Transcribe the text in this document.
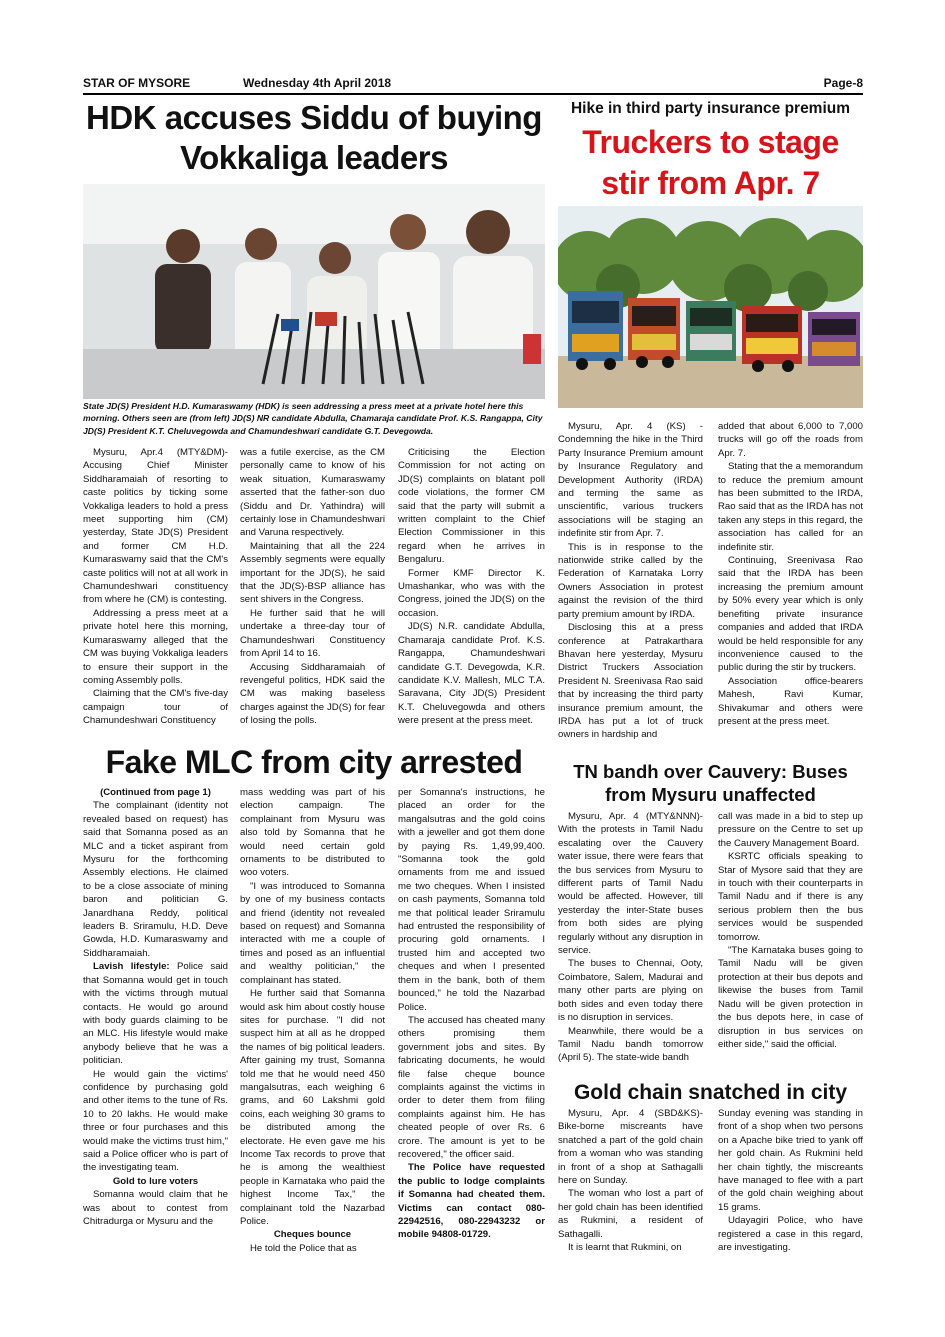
STAR OF MYSORE	Wednesday 4th April 2018	Page-8
HDK accuses Siddu of buying
Vokkaliga leaders
State JD(S) President H.D. Kumaraswamy (HDK) is seen addressing a press meet at a private hotel here this morning. Others seen are (from left) JD(S) NR candidate Abdulla, Chamaraja candidate Prof. K.S. Rangappa, City JD(S) President K.T. Cheluvegowda and Chamundeshwari candidate G.T. Devegowda.

Mysuru, Apr.4 (MTY&DM)- Accusing Chief Minister Siddharamaiah of resorting to caste politics by ticking some Vokkaliga leaders to hold a press meet supporting him (CM) yesterday, State JD(S) President and former CM H.D. Kumaraswamy said that the CM's caste politics will not at all work in Chamundeshwari constituency from where he (CM) is contesting.

Addressing a press meet at a private hotel here this morning, Kumaraswamy alleged that the CM was buying Vokkaliga leaders to ensure their support in the coming Assembly polls.

Claiming that the CM's five-day campaign tour of Chamundeshwari Constituency

was a futile exercise, as the CM personally came to know of his weak situation, Kumaraswamy asserted that the father-son duo (Siddu and Dr. Yathindra) will certainly lose in Chamundeshwari and Varuna respectively.

Maintaining that all the 224 Assembly segments were equally important for the JD(S), he said that the JD(S)-BSP alliance has sent shivers in the Congress.

He further said that he will undertake a three-day tour of Chamundeshwari Constituency from April 14 to 16.

Accusing Siddharamaiah of revengeful politics, HDK said the CM was making baseless charges against the JD(S) for fear of losing the polls.

Criticising the Election Commission for not acting on JD(S) complaints on blatant poll code violations, the former CM said that the party will submit a written complaint to the Chief Election Commissioner in this regard when he arrives in Bengaluru.

Former KMF Director K. Umashankar, who was with the Congress, joined the JD(S) on the occasion.

JD(S) N.R. candidate Abdulla, Chamaraja candidate Prof. K.S. Rangappa, Chamundeshwari candidate G.T. Devegowda, K.R. candidate K.V. Mallesh, MLC T.A. Saravana, City JD(S) President K.T. Cheluvegowda and others were present at the press meet.

Hike in third party insurance premium
Truckers to stage
stir from Apr. 7

Mysuru, Apr. 4 (KS) - Condemning the hike in the Third Party Insurance Premium amount by Insurance Regulatory and Development Authority (IRDA) and terming the same as unscientific, various truckers associations will be staging an indefinite stir from Apr. 7.

This is in response to the nationwide strike called by the Federation of Karnataka Lorry Owners Association in protest against the revision of the third party premium amount by IRDA.

Disclosing this at a press conference at Patrakarthara Bhavan here yesterday, Mysuru District Truckers Association President N. Sreenivasa Rao said that by increasing the third party insurance premium amount, the IRDA has put a lot of truck owners in hardship and

added that about 6,000 to 7,000 trucks will go off the roads from Apr. 7.

Stating that the a memorandum to reduce the premium amount has been submitted to the IRDA, Rao said that as the IRDA has not taken any steps in this regard, the association has called for an indefinite stir.

Continuing, Sreenivasa Rao said that the IRDA has been increasing the premium amount by 50% every year which is only benefiting private insurance companies and added that IRDA would be held responsible for any inconvenience caused to the public during the stir by truckers.

Association office-bearers Mahesh, Ravi Kumar, Shivakumar and others were present at the press meet.

Fake MLC from city arrested

(Continued from page 1)

The complainant (identity not revealed based on request) has said that Somanna posed as an MLC and a ticket aspirant from Mysuru for the forthcoming Assembly elections. He claimed to be a close associate of mining baron and politician G. Janardhana Reddy, political leaders B. Sriramulu, H.D. Deve Gowda, H.D. Kumaraswamy and Siddharamaiah.

Lavish lifestyle: Police said that Somanna would get in touch with the victims through mutual contacts. He would go around with body guards claiming to be an MLC. His lifestyle would make anybody believe that he was a politician.

He would gain the victims' confidence by purchasing gold and other items to the tune of Rs. 10 to 20 lakhs. He would make three or four purchases and this would make the victims trust him," said a Police officer who is part of the investigating team.

Gold to lure voters

Somanna would claim that he was about to contest from Chitradurga or Mysuru and the

mass wedding was part of his election campaign. The complainant from Mysuru was also told by Somanna that he would need certain gold ornaments to be distributed to woo voters.

"I was introduced to Somanna by one of my business contacts and friend (identity not revealed based on request) and Somanna interacted with me a couple of times and posed as an influential and wealthy politician," the complainant has stated.

He further said that Somanna would ask him about costly house sites for purchase. "I did not suspect him at all as he dropped the names of big political leaders. After gaining my trust, Somanna told me that he would need 450 mangalsutras, each weighing 6 grams, and 60 Lakshmi gold coins, each weighing 30 grams to be distributed among the electorate. He even gave me his Income Tax records to prove that he is among the wealthiest people in Karnataka who paid the highest Income Tax," the complainant told the Nazarbad Police.

Cheques bounce

He told the Police that as

per Somanna's instructions, he placed an order for the mangalsutras and the gold coins with a jeweller and got them done by paying Rs. 1,49,99,400. "Somanna took the gold ornaments from me and issued me two cheques. When I insisted on cash payments, Somanna told me that political leader Sriramulu had entrusted the responsibility of procuring gold ornaments. I trusted him and accepted two cheques and when I presented them in the bank, both of them bounced," he told the Nazarbad Police.

The accused has cheated many others promising them government jobs and sites. By fabricating documents, he would file false cheque bounce complaints against the victims in order to deter them from filing complaints against him. He has cheated people of over Rs. 6 crore. The amount is yet to be recovered," the officer said.

The Police have requested the public to lodge complaints if Somanna had cheated them. Victims can contact 080-22942516, 080-22943232 or mobile 94808-01729.

TN bandh over Cauvery: Buses
from Mysuru unaffected

Mysuru, Apr. 4 (MTY&NNN)- With the protests in Tamil Nadu escalating over the Cauvery water issue, there were fears that the bus services from Mysuru to different parts of Tamil Nadu would be affected. However, till yesterday the inter-State buses from both sides are plying regularly without any disruption in service.

The buses to Chennai, Ooty, Coimbatore, Salem, Madurai and many other parts are plying on both sides and even today there is no disruption in services.

Meanwhile, there would be a Tamil Nadu bandh tomorrow (April 5). The state-wide bandh

call was made in a bid to step up pressure on the Centre to set up the Cauvery Management Board.

KSRTC officials speaking to Star of Mysore said that they are in touch with their counterparts in Tamil Nadu and if there is any serious problem then the bus services would be suspended tomorrow.

"The Karnataka buses going to Tamil Nadu will be given protection at their bus depots and likewise the buses from Tamil Nadu will be given protection in the bus depots here, in case of disruption in bus services on either side," said the official.

Gold chain snatched in city

Mysuru, Apr. 4 (SBD&KS)- Bike-borne miscreants have snatched a part of the gold chain from a woman who was standing in front of a shop at Sathagalli here on Sunday.

The woman who lost a part of her gold chain has been identified as Rukmini, a resident of Sathagalli.

It is learnt that Rukmini, on

Sunday evening was standing in front of a shop when two persons on a Apache bike tried to yank off her gold chain. As Rukmini held her chain tightly, the miscreants have managed to flee with a part of the gold chain weighing about 15 grams.

Udayagiri Police, who have registered a case in this regard, are investigating.
